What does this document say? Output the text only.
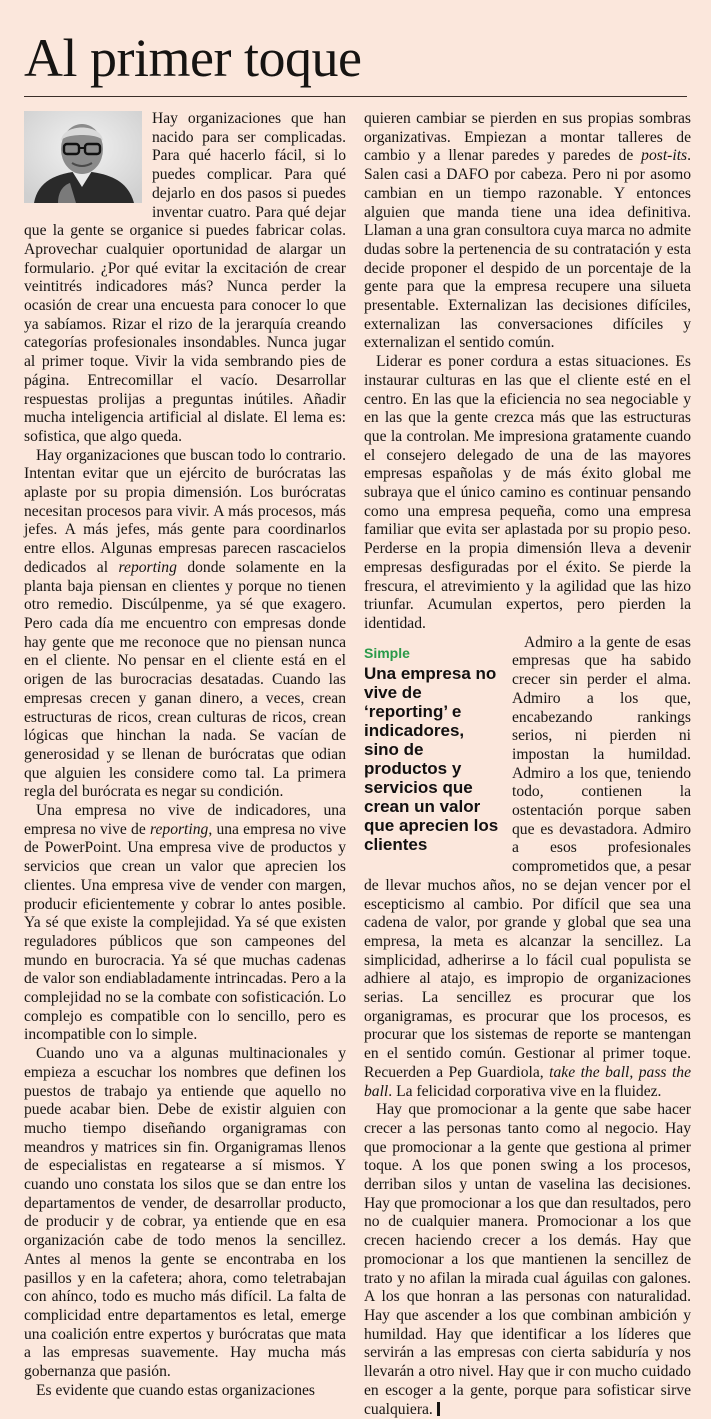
Al primer toque

Hay organizaciones que han nacido para ser complicadas. Para qué hacerlo fácil, si lo puedes complicar. Para qué dejarlo en dos pasos si puedes inventar cuatro. Para qué dejar que la gente se organice si puedes fabricar colas. Aprovechar cualquier oportunidad de alargar un formulario. ¿Por qué evitar la excitación de crear veintitrés indicadores más? Nunca perder la ocasión de crear una encuesta para conocer lo que ya sabíamos. Rizar el rizo de la jerarquía creando categorías profesionales insondables. Nunca jugar al primer toque. Vivir la vida sembrando pies de página. Entrecomillar el vacío. Desarrollar respuestas prolijas a preguntas inútiles. Añadir mucha inteligencia artificial al dislate. El lema es: sofistica, que algo queda.

Hay organizaciones que buscan todo lo contrario. Intentan evitar que un ejército de burócratas las aplaste por su propia dimensión. Los burócratas necesitan procesos para vivir. A más procesos, más jefes. A más jefes, más gente para coordinarlos entre ellos. Algunas empresas parecen rascacielos dedicados al reporting donde solamente en la planta baja piensan en clientes y porque no tienen otro remedio. Discúlpenme, ya sé que exagero. Pero cada día me encuentro con empresas donde hay gente que me reconoce que no piensan nunca en el cliente. No pensar en el cliente está en el origen de las burocracias desatadas. Cuando las empresas crecen y ganan dinero, a veces, crean estructuras de ricos, crean culturas de ricos, crean lógicas que hinchan la nada. Se vacían de generosidad y se llenan de burócratas que odian que alguien les considere como tal. La primera regla del burócrata es negar su condición.

Una empresa no vive de indicadores, una empresa no vive de reporting, una empresa no vive de PowerPoint. Una empresa vive de productos y servicios que crean un valor que aprecien los clientes. Una empresa vive de vender con margen, producir eficientemente y cobrar lo antes posible. Ya sé que existe la complejidad. Ya sé que existen reguladores públicos que son campeones del mundo en burocracia. Ya sé que muchas cadenas de valor son endiabladamente intrincadas. Pero a la complejidad no se la combate con sofisticación. Lo complejo es compatible con lo sencillo, pero es incompatible con lo simple.

Cuando uno va a algunas multinacionales y empieza a escuchar los nombres que definen los puestos de trabajo ya entiende que aquello no puede acabar bien. Debe de existir alguien con mucho tiempo diseñando organigramas con meandros y matrices sin fin. Organigramas llenos de especialistas en regatearse a sí mismos. Y cuando uno constata los silos que se dan entre los departamentos de vender, de desarrollar producto, de producir y de cobrar, ya entiende que en esa organización cabe de todo menos la sencillez. Antes al menos la gente se encontraba en los pasillos y en la cafetera; ahora, como teletrabajan con ahínco, todo es mucho más difícil. La falta de complicidad entre departamentos es letal, emerge una coalición entre expertos y burócratas que mata a las empresas suavemente. Hay mucha más gobernanza que pasión.

Es evidente que cuando estas organizaciones

quieren cambiar se pierden en sus propias sombras organizativas. Empiezan a montar talleres de cambio y a llenar paredes y paredes de post-its. Salen casi a DAFO por cabeza. Pero ni por asomo cambian en un tiempo razonable. Y entonces alguien que manda tiene una idea definitiva. Llaman a una gran consultora cuya marca no admite dudas sobre la pertenencia de su contratación y esta decide proponer el despido de un porcentaje de la gente para que la empresa recupere una silueta presentable. Externalizan las decisiones difíciles, externalizan las conversaciones difíciles y externalizan el sentido común.

Liderar es poner cordura a estas situaciones. Es instaurar culturas en las que el cliente esté en el centro. En las que la eficiencia no sea negociable y en las que la gente crezca más que las estructuras que la controlan. Me impresiona gratamente cuando el consejero delegado de una de las mayores empresas españolas y de más éxito global me subraya que el único camino es continuar pensando como una empresa pequeña, como una empresa familiar que evita ser aplastada por su propio peso. Perderse en la propia dimensión lleva a devenir empresas desfiguradas por el éxito. Se pierde la frescura, el atrevimiento y la agilidad que las hizo triunfar. Acumulan expertos, pero pierden la identidad.

Simple
Una empresa no vive de ‘reporting’ e indicadores, sino de productos y servicios que crean un valor que aprecien los clientes

Admiro a la gente de esas empresas que ha sabido crecer sin perder el alma. Admiro a los que, encabezando rankings serios, ni pierden ni impostan la humildad. Admiro a los que, teniendo todo, contienen la ostentación porque saben que es devastadora. Admiro a esos profesionales comprometidos que, a pesar de llevar muchos años, no se dejan vencer por el escepticismo al cambio. Por difícil que sea una cadena de valor, por grande y global que sea una empresa, la meta es alcanzar la sencillez. La simplicidad, adherirse a lo fácil cual populista se adhiere al atajo, es impropio de organizaciones serias. La sencillez es procurar que los organigramas, es procurar que los procesos, es procurar que los sistemas de reporte se mantengan en el sentido común. Gestionar al primer toque. Recuerden a Pep Guardiola, take the ball, pass the ball. La felicidad corporativa vive en la fluidez.

Hay que promocionar a la gente que sabe hacer crecer a las personas tanto como al negocio. Hay que promocionar a la gente que gestiona al primer toque. A los que ponen swing a los procesos, derriban silos y untan de vaselina las decisiones. Hay que promocionar a los que dan resultados, pero no de cualquier manera. Promocionar a los que crecen haciendo crecer a los demás. Hay que promocionar a los que mantienen la sencillez de trato y no afilan la mirada cual águilas con galones. A los que honran a las personas con naturalidad. Hay que ascender a los que combinan ambición y humildad. Hay que identificar a los líderes que servirán a las empresas con cierta sabiduría y nos llevarán a otro nivel. Hay que ir con mucho cuidado en escoger a la gente, porque para sofisticar sirve cualquiera.
